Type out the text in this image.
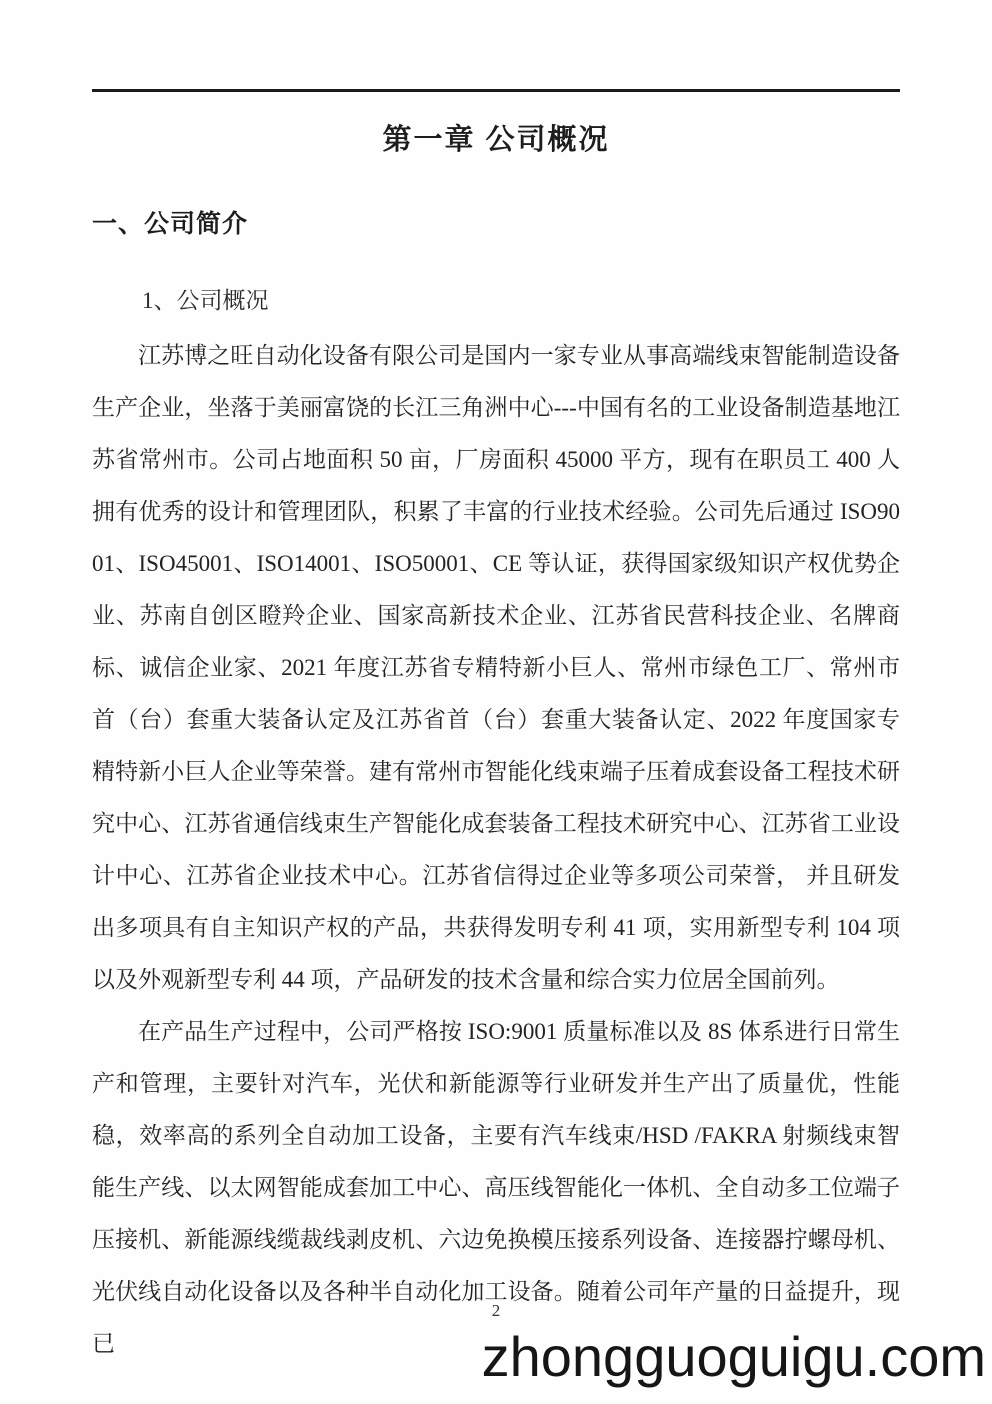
第一章 公司概况
一、公司简介
1、公司概况

江苏博之旺自动化设备有限公司是国内一家专业从事高端线束智能制造设备生产企业，坐落于美丽富饶的长江三角洲中心---中国有名的工业设备制造基地江苏省常州市。公司占地面积 50 亩，厂房面积 45000 平方，现有在职员工 400 人拥有优秀的设计和管理团队，积累了丰富的行业技术经验。公司先后通过 ISO9001、ISO45001、ISO14001、ISO50001、CE 等认证，获得国家级知识产权优势企业、苏南自创区瞪羚企业、国家高新技术企业、江苏省民营科技企业、名牌商标、诚信企业家、2021 年度江苏省专精特新小巨人、常州市绿色工厂、常州市首（台）套重大装备认定及江苏省首（台）套重大装备认定、2022 年度国家专精特新小巨人企业等荣誉。建有常州市智能化线束端子压着成套设备工程技术研究中心、江苏省通信线束生产智能化成套装备工程技术研究中心、江苏省工业设计中心、江苏省企业技术中心。江苏省信得过企业等多项公司荣誉， 并且研发出多项具有自主知识产权的产品，共获得发明专利 41 项，实用新型专利 104 项以及外观新型专利 44 项，产品研发的技术含量和综合实力位居全国前列。

在产品生产过程中，公司严格按 ISO:9001 质量标准以及 8S 体系进行日常生产和管理，主要针对汽车，光伏和新能源等行业研发并生产出了质量优，性能稳，效率高的系列全自动加工设备，主要有汽车线束/HSD /FAKRA 射频线束智能生产线、以太网智能成套加工中心、高压线智能化一体机、全自动多工位端子压接机、新能源线缆裁线剥皮机、六边免换模压接系列设备、连接器拧螺母机、光伏线自动化设备以及各种半自动化加工设备。随着公司年产量的日益提升，现已

2
zhongguoguigu.com
